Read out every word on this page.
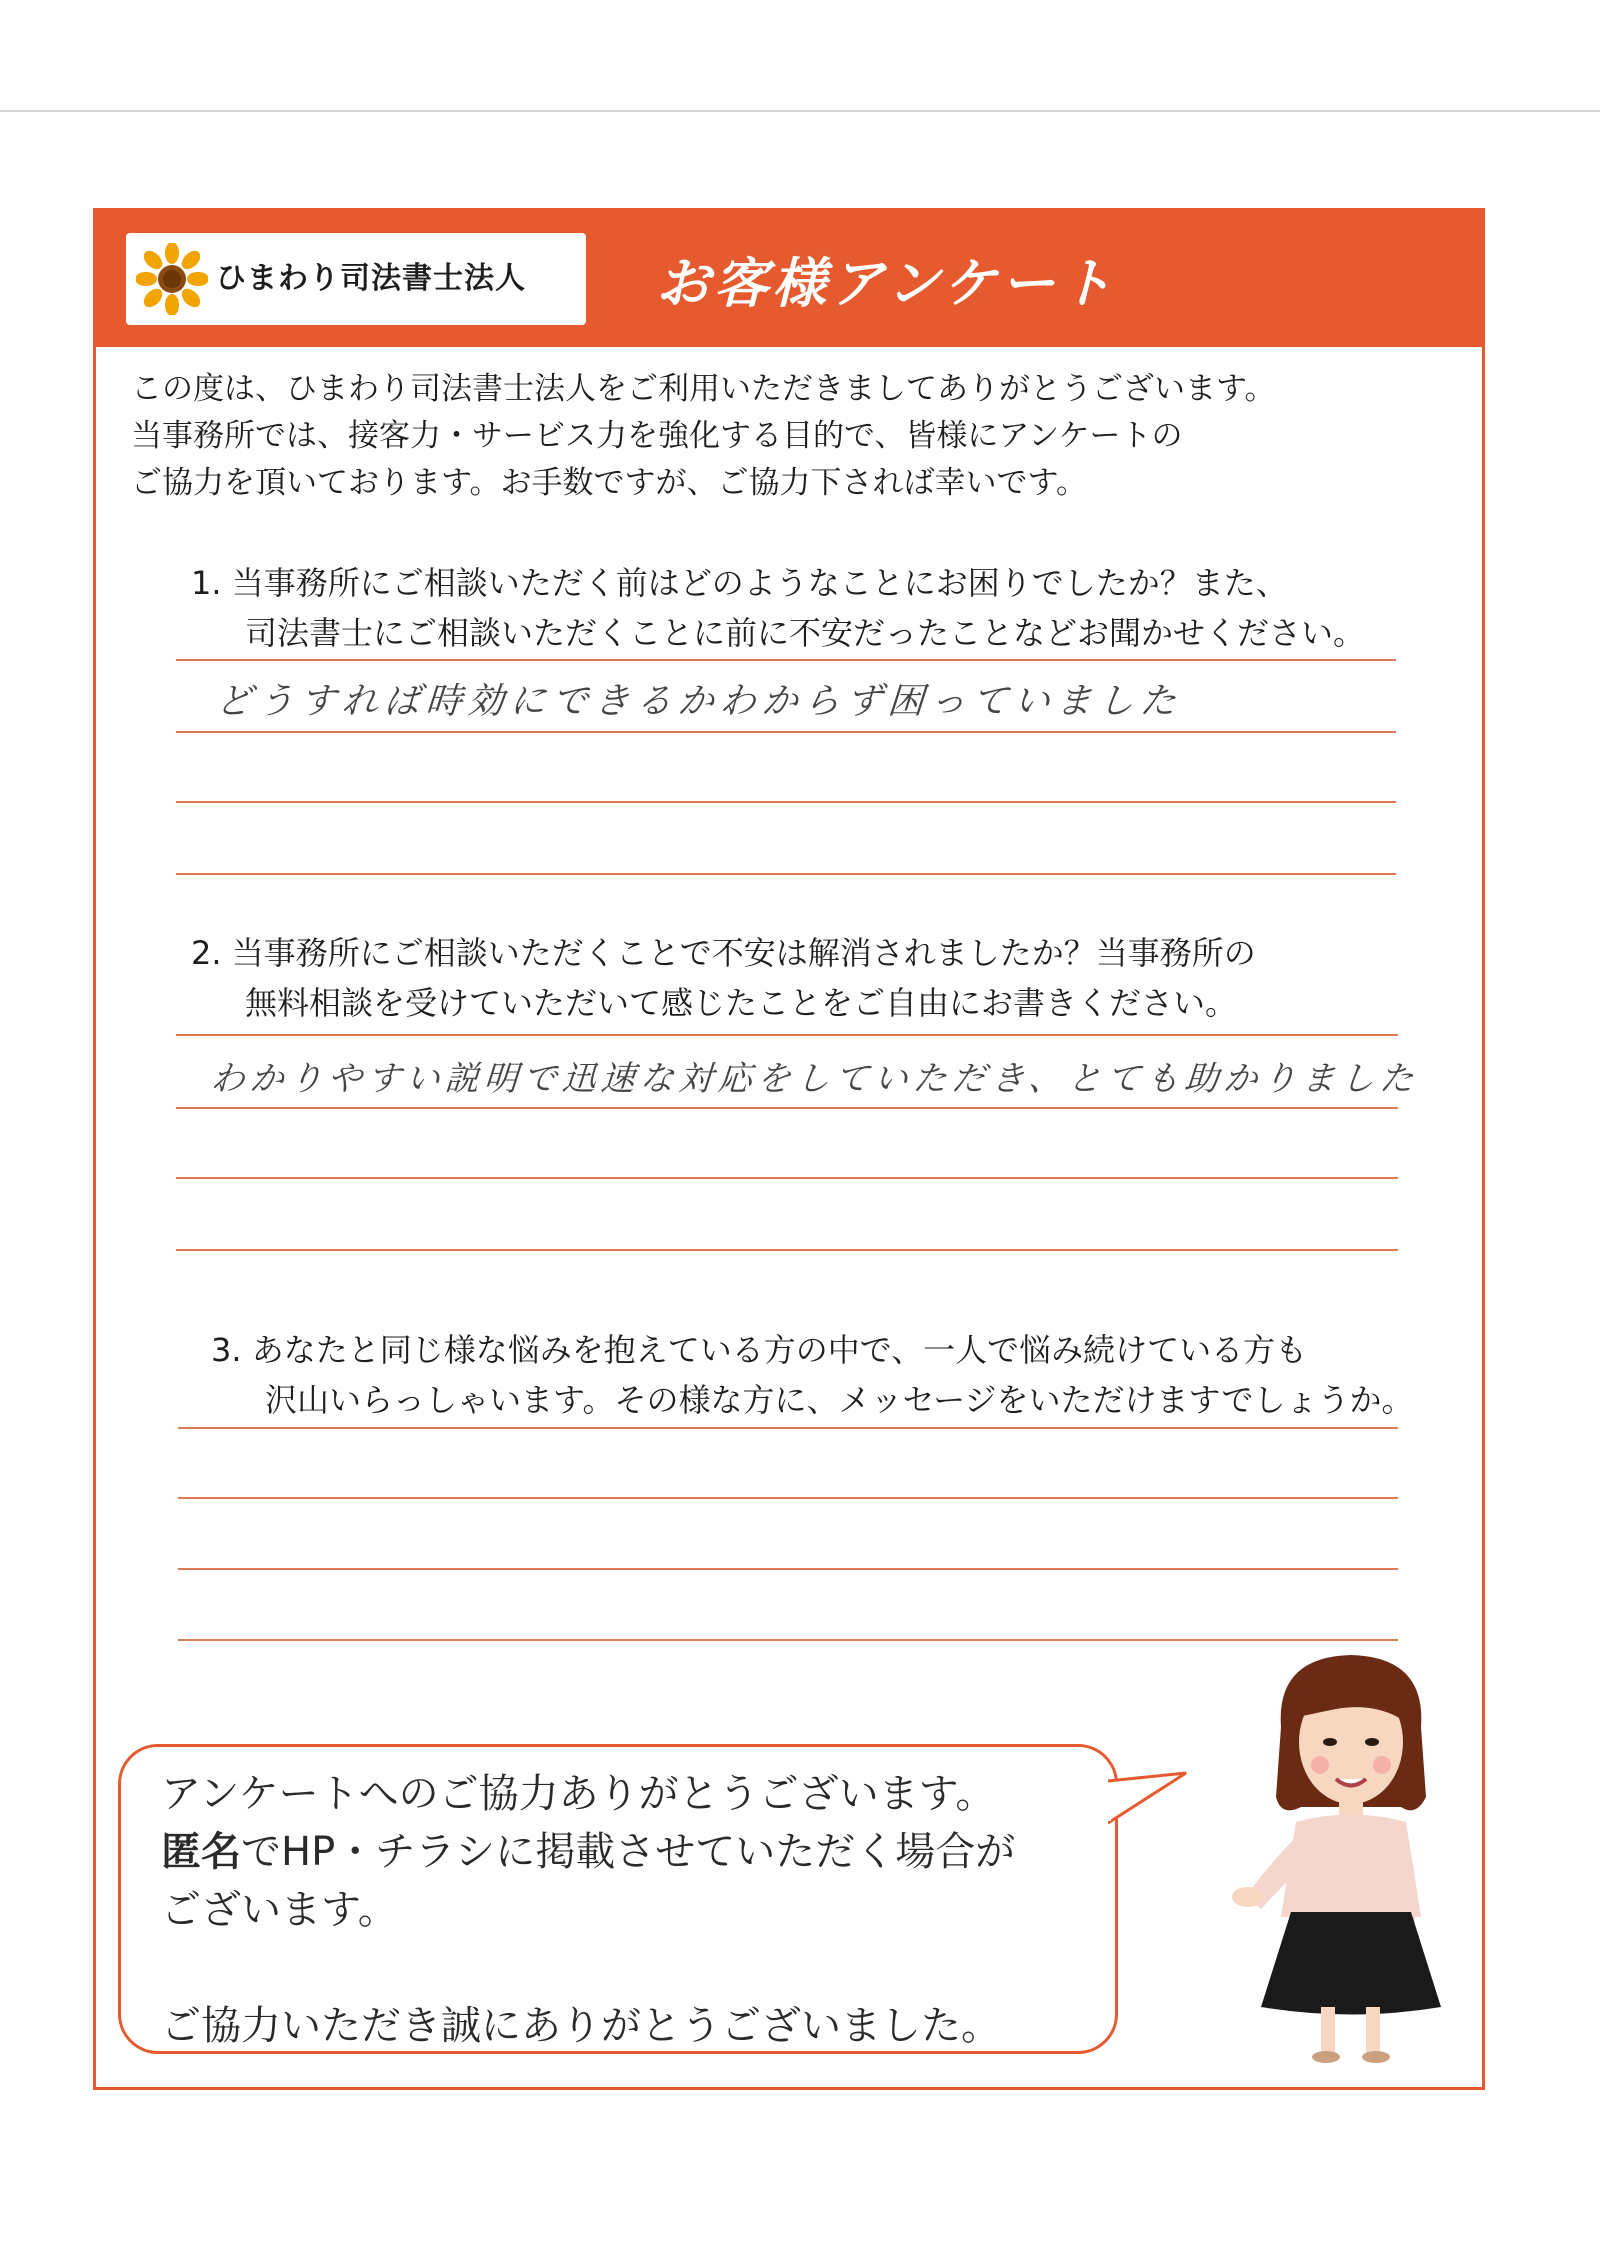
ひまわり司法書士法人 お客様アンケート

この度は、ひまわり司法書士法人をご利用いただきましてありがとうございます。

当事務所では、接客力・サービス力を強化する目的で、皆様にアンケートの

ご協力を頂いております。お手数ですが、ご協力下されば幸いです。

1. 当事務所にご相談いただく前はどのようなことにお困りでしたか？また、
司法書士にご相談いただくことに前に不安だったことなどお聞かせください。
どうすれば時効にできるかわからず困っていました
2. 当事務所にご相談いただくことで不安は解消されましたか？当事務所の
無料相談を受けていただいて感じたことをご自由にお書きください。
わかりやすい説明で迅速な対応をしていただき、とても助かりました
3. あなたと同じ様な悩みを抱えている方の中で、一人で悩み続けている方も
沢山いらっしゃいます。その様な方に、メッセージをいただけますでしょうか。

アンケートへのご協力ありがとうございます。

匿名でHP・チラシに掲載させていただく場合が

ございます。

ご協力いただき誠にありがとうございました。
